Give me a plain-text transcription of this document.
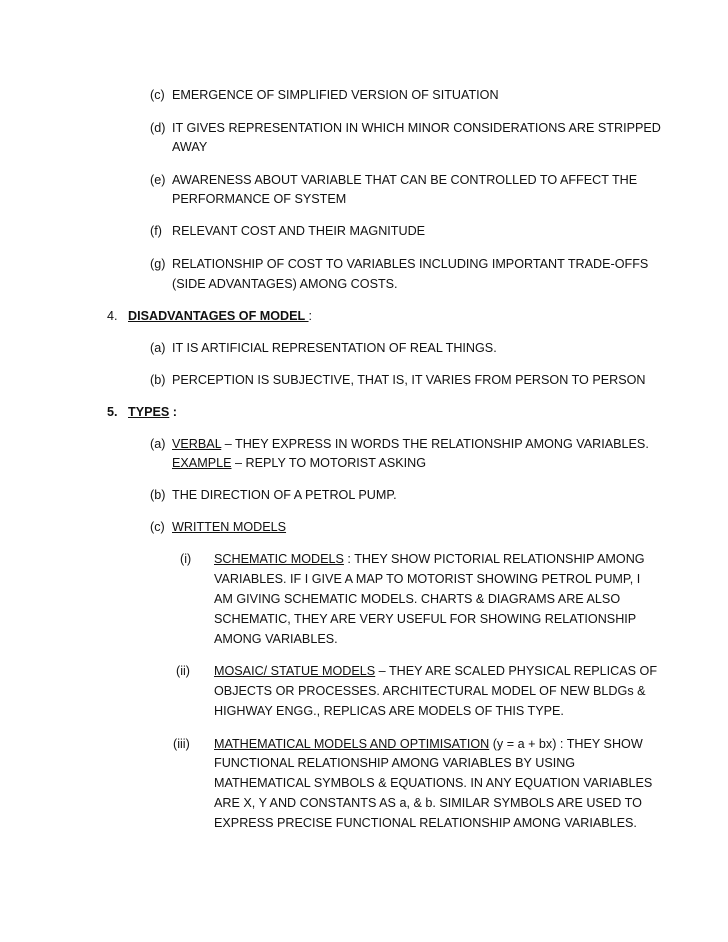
(c) EMERGENCE OF SIMPLIFIED VERSION OF SITUATION
(d) IT GIVES REPRESENTATION IN WHICH MINOR CONSIDERATIONS ARE STRIPPED
AWAY
(e) AWARENESS ABOUT VARIABLE THAT CAN BE CONTROLLED TO AFFECT THE
PERFORMANCE OF SYSTEM
(f) RELEVANT COST AND THEIR MAGNITUDE
(g) RELATIONSHIP OF COST TO VARIABLES INCLUDING IMPORTANT TRADE-OFFS
(SIDE ADVANTAGES) AMONG COSTS.
4. DISADVANTAGES OF MODEL :
(a) IT IS ARTIFICIAL REPRESENTATION OF REAL THINGS.
(b) PERCEPTION IS SUBJECTIVE, THAT IS, IT VARIES FROM PERSON TO PERSON
5. TYPES :
(a) VERBAL – THEY EXPRESS IN WORDS THE RELATIONSHIP AMONG VARIABLES.
EXAMPLE – REPLY TO MOTORIST ASKING
(b) THE DIRECTION OF A PETROL PUMP.
(c) WRITTEN MODELS
(i) SCHEMATIC MODELS : THEY SHOW PICTORIAL RELATIONSHIP AMONG
VARIABLES. IF I GIVE A MAP TO MOTORIST SHOWING PETROL PUMP, I
AM GIVING SCHEMATIC MODELS. CHARTS & DIAGRAMS ARE ALSO
SCHEMATIC, THEY ARE VERY USEFUL FOR SHOWING RELATIONSHIP
AMONG VARIABLES.
(ii) MOSAIC/ STATUE MODELS – THEY ARE SCALED PHYSICAL REPLICAS OF
OBJECTS OR PROCESSES. ARCHITECTURAL MODEL OF NEW BLDGs &
HIGHWAY ENGG., REPLICAS ARE MODELS OF THIS TYPE.
(iii) MATHEMATICAL MODELS AND OPTIMISATION (y = a + bx) : THEY SHOW
FUNCTIONAL RELATIONSHIP AMONG VARIABLES BY USING
MATHEMATICAL SYMBOLS & EQUATIONS. IN ANY EQUATION VARIABLES
ARE X, Y AND CONSTANTS AS a, & b. SIMILAR SYMBOLS ARE USED TO
EXPRESS PRECISE FUNCTIONAL RELATIONSHIP AMONG VARIABLES.
